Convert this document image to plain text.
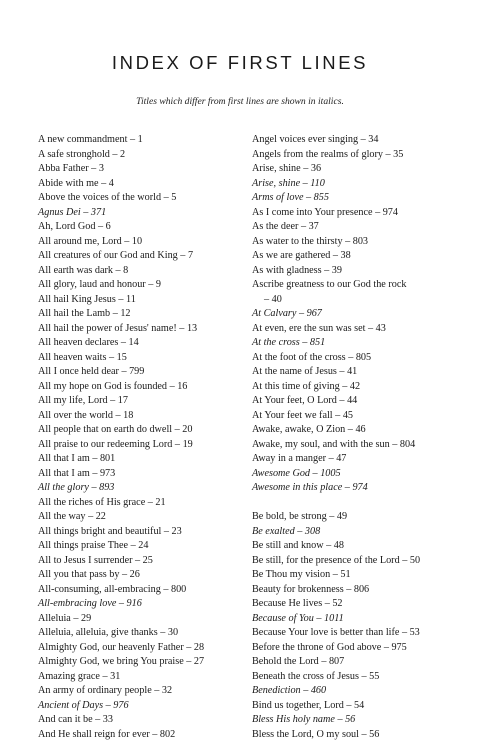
INDEX OF FIRST LINES
Titles which differ from first lines are shown in italics.
A new commandment – 1
A safe stronghold – 2
Abba Father – 3
Abide with me – 4
Above the voices of the world – 5
Agnus Dei – 371
Ah, Lord God – 6
All around me, Lord – 10
All creatures of our God and King – 7
All earth was dark – 8
All glory, laud and honour – 9
All hail King Jesus – 11
All hail the Lamb – 12
All hail the power of Jesus' name! – 13
All heaven declares – 14
All heaven waits – 15
All I once held dear – 799
All my hope on God is founded – 16
All my life, Lord – 17
All over the world – 18
All people that on earth do dwell – 20
All praise to our redeeming Lord – 19
All that I am – 801
All that I am – 973
All the glory – 893
All the riches of His grace – 21
All the way – 22
All things bright and beautiful – 23
All things praise Thee – 24
All to Jesus I surrender – 25
All you that pass by – 26
All-consuming, all-embracing – 800
All-embracing love – 916
Alleluia – 29
Alleluia, alleluia, give thanks – 30
Almighty God, our heavenly Father – 28
Almighty God, we bring You praise – 27
Amazing grace – 31
An army of ordinary people – 32
Ancient of Days – 976
And can it be – 33
And He shall reign for ever – 802
Angel voices ever singing – 34
Angels from the realms of glory – 35
Arise, shine – 36
Arise, shine – 110
Arms of love – 855
As I come into Your presence – 974
As the deer – 37
As water to the thirsty – 803
As we are gathered – 38
As with gladness – 39
Ascribe greatness to our God the rock
– 40
At Calvary – 967
At even, ere the sun was set – 43
At the cross – 851
At the foot of the cross – 805
At the name of Jesus – 41
At this time of giving – 42
At Your feet, O Lord – 44
At Your feet we fall – 45
Awake, awake, O Zion – 46
Awake, my soul, and with the sun – 804
Away in a manger – 47
Awesome God – 1005
Awesome in this place – 974
Be bold, be strong – 49
Be exalted – 308
Be still and know – 48
Be still, for the presence of the Lord – 50
Be Thou my vision – 51
Beauty for brokenness – 806
Because He lives – 52
Because of You – 1011
Because Your love is better than life – 53
Before the throne of God above – 975
Behold the Lord – 807
Beneath the cross of Jesus – 55
Benediction – 460
Bind us together, Lord – 54
Bless His holy name – 56
Bless the Lord, O my soul – 56
